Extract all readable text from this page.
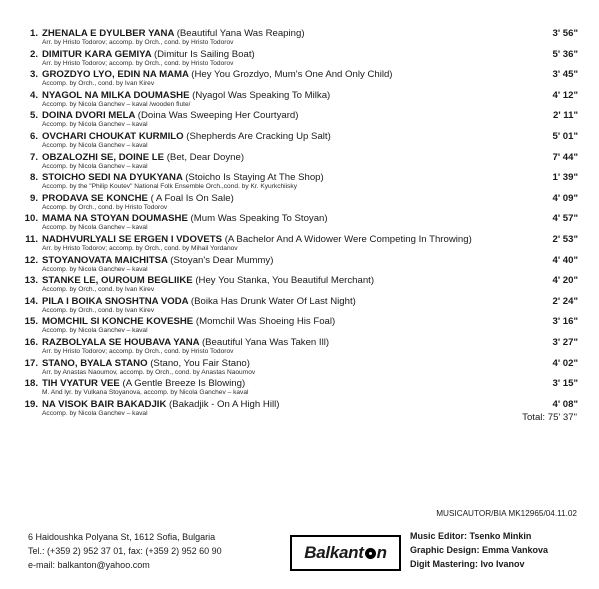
1. ZHENALA E DYULBER YANA (Beautiful Yana Was Reaping)	3' 56"
Arr. by Hristo Todorov; accomp. by Orch., cond. by Hristo Todorov
2. DIMITUR KARA GEMIYA (Dimitur Is Sailing Boat)	5' 36"
Arr. by Hristo Todorov; accomp. by Orch., cond. by Hristo Todorov
3. GROZDYO LYO, EDIN NA MAMA (Hey You Grozdyo, Mum's One And Only Child)	3' 45"
Accomp. by Orch., cond. by Ivan Kirev
4. NYAGOL NA MILKA DOUMASHE (Nyagol Was Speaking To Milka)	4' 12"
Accomp. by Nicola Ganchev – kaval /wooden flute/
5. DOINA DVORI MELA (Doina Was Sweeping Her Courtyard)	2' 11"
Accomp. by Nicola Ganchev – kaval
6. OVCHARI CHOUKAT KURMILO (Shepherds Are Cracking Up Salt)	5' 01"
Accomp. by Nicola Ganchev – kaval
7. OBZALOZHI SE, DOINE LE (Bet, Dear Doyne)	7' 44"
Accomp. by Nicola Ganchev – kaval
8. STOICHO SEDI NA DYUKYANA (Stoicho Is Staying At The Shop)	1' 39"
Accomp. by the "Philip Koutev" National Folk Ensemble Orch.,cond. by Kr. Kyurkchiisky
9. PRODAVA SE KONCHE ( A Foal Is On Sale)	4' 09"
Accomp. by Orch., cond. by Hristo Todorov
10. MAMA NA STOYAN DOUMASHE (Mum Was Speaking To Stoyan)	4' 57"
Accomp. by Nicola Ganchev – kaval
11. NADHVURLYALI SE ERGEN I VDOVETS (A Bachelor And A Widower Were Competing In Throwing)	2' 53"
Arr. by Hristo Todorov; accomp. by Orch., cond. by Mihail Yordanov
12. STOYANOVATA MAICHITSA (Stoyan's Dear Mummy)	4' 40"
Accomp. by Nicola Ganchev – kaval
13. STANKE LE, OUROUM BEGLIIKE (Hey You Stanka, You Beautiful Merchant)	4' 20"
Accomp. by Orch., cond. by Ivan Kirev
14. PILA I BOIKA SNOSHTNA VODA (Boika Has Drunk Water Of Last Night)	2' 24"
Accomp. by Orch., cond. by Ivan Kirev
15. MOMCHIL SI KONCHE KOVESHE (Momchil Was Shoeing His Foal)	3' 16"
Accomp. by Nicola Ganchev – kaval
16. RAZBOLYALA SE HOUBAVA YANA (Beautiful Yana Was Taken Ill)	3' 27"
Arr. by Hristo Todorov; accomp. by Orch., cond. by Hristo Todorov
17. STANO, BYALA STANO (Stano, You Fair Stano)	4' 02"
Arr. by Anastas Naoumov, accomp. by Orch., cond. by Anastas Naoumov
18. TIH VYATUR VEE (A Gentle Breeze Is Blowing)	3' 15"
M. And lyr. by Vulkana Stoyanova, accomp. by Nicola Ganchev – kaval
19. NA VISOK BAIR BAKADJIK (Bakadjik - On A High Hill)	4' 08"
Accomp. by Nicola Ganchev – kaval	Total: 75' 37"
MUSICAUTOR/BIA MK12965/04.11.02
6 Haidoushka Polyana St, 1612 Sofia, Bulgaria
Tel.: (+359 2) 952 37 01, fax: (+359 2) 952 60 90
e-mail: balkanton@yahoo.com
Balkant n
Music Editor: Tsenko Minkin
Graphic Design: Emma Vankova
Digit Mastering: Ivo Ivanov
